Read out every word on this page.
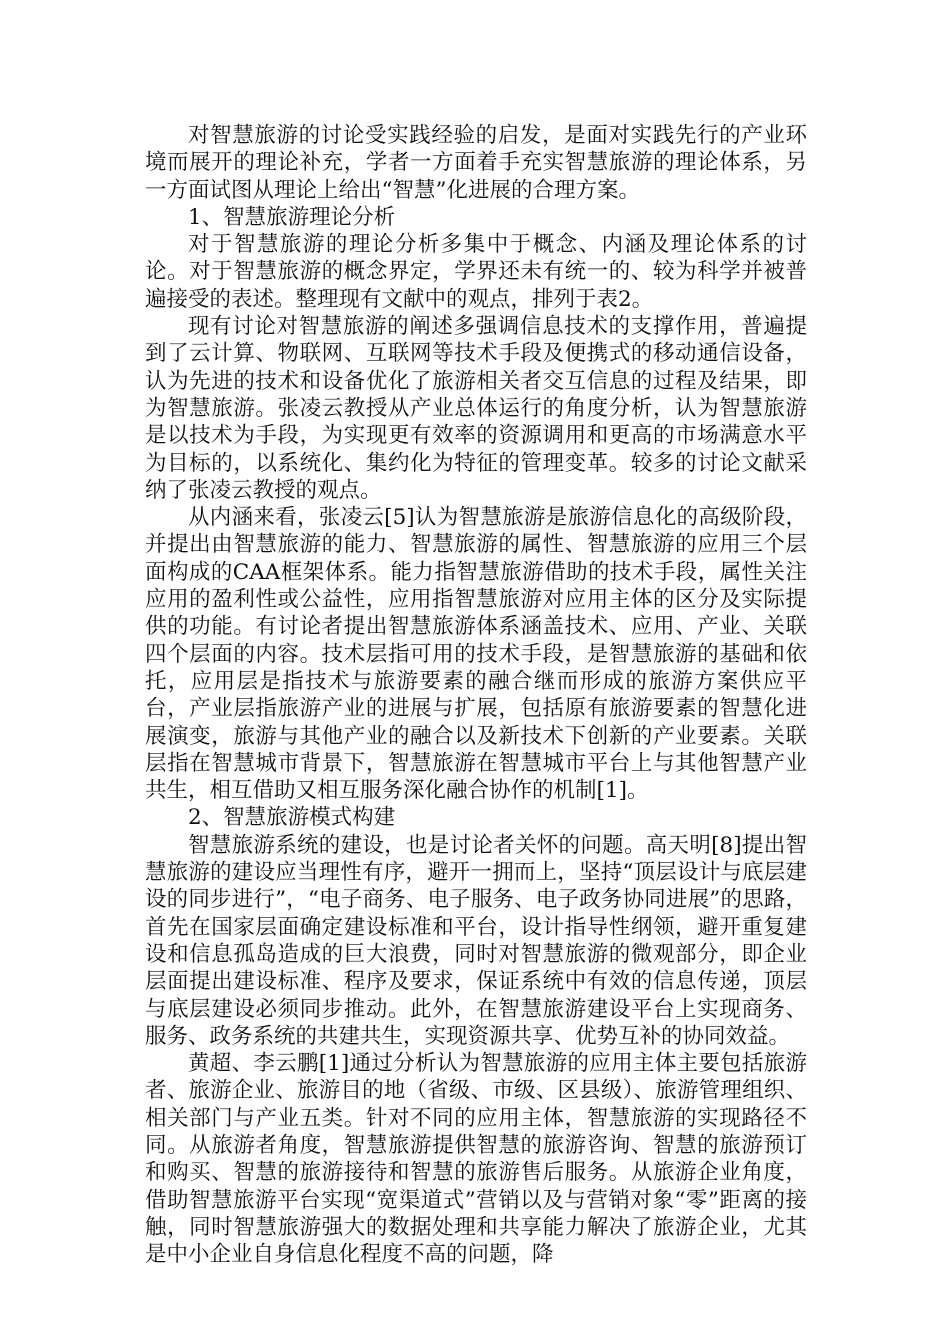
对智慧旅游的讨论受实践经验的启发，是面对实践先行的产业环境而展开的理论补充，学者一方面着手充实智慧旅游的理论体系，另一方面试图从理论上给出“智慧”化进展的合理方案。

1、智慧旅游理论分析

对于智慧旅游的理论分析多集中于概念、内涵及理论体系的讨论。对于智慧旅游的概念界定，学界还未有统一的、较为科学并被普遍接受的表述。整理现有文献中的观点，排列于表2。

现有讨论对智慧旅游的阐述多强调信息技术的支撑作用，普遍提到了云计算、物联网、互联网等技术手段及便携式的移动通信设备，认为先进的技术和设备优化了旅游相关者交互信息的过程及结果，即为智慧旅游。张凌云教授从产业总体运行的角度分析，认为智慧旅游是以技术为手段，为实现更有效率的资源调用和更高的市场满意水平为目标的，以系统化、集约化为特征的管理变革。较多的讨论文献采纳了张凌云教授的观点。

从内涵来看，张凌云[5]认为智慧旅游是旅游信息化的高级阶段，并提出由智慧旅游的能力、智慧旅游的属性、智慧旅游的应用三个层面构成的CAA框架体系。能力指智慧旅游借助的技术手段，属性关注应用的盈利性或公益性，应用指智慧旅游对应用主体的区分及实际提供的功能。有讨论者提出智慧旅游体系涵盖技术、应用、产业、关联四个层面的内容。技术层指可用的技术手段，是智慧旅游的基础和依托，应用层是指技术与旅游要素的融合继而形成的旅游方案供应平台，产业层指旅游产业的进展与扩展，包括原有旅游要素的智慧化进展演变，旅游与其他产业的融合以及新技术下创新的产业要素。关联层指在智慧城市背景下，智慧旅游在智慧城市平台上与其他智慧产业共生，相互借助又相互服务深化融合协作的机制[1]。

2、智慧旅游模式构建

智慧旅游系统的建设，也是讨论者关怀的问题。高天明[8]提出智慧旅游的建设应当理性有序，避开一拥而上，坚持“顶层设计与底层建设的同步进行”，“电子商务、电子服务、电子政务协同进展”的思路，首先在国家层面确定建设标准和平台，设计指导性纲领，避开重复建设和信息孤岛造成的巨大浪费，同时对智慧旅游的微观部分，即企业层面提出建设标准、程序及要求，保证系统中有效的信息传递，顶层与底层建设必须同步推动。此外，在智慧旅游建设平台上实现商务、服务、政务系统的共建共生，实现资源共享、优势互补的协同效益。

黄超、李云鹏[1]通过分析认为智慧旅游的应用主体主要包括旅游者、旅游企业、旅游目的地（省级、市级、区县级）、旅游管理组织、相关部门与产业五类。针对不同的应用主体，智慧旅游的实现路径不同。从旅游者角度，智慧旅游提供智慧的旅游咨询、智慧的旅游预订和购买、智慧的旅游接待和智慧的旅游售后服务。从旅游企业角度，借助智慧旅游平台实现“宽渠道式”营销以及与营销对象“零”距离的接触，同时智慧旅游强大的数据处理和共享能力解决了旅游企业，尤其是中小企业自身信息化程度不高的问题，降
